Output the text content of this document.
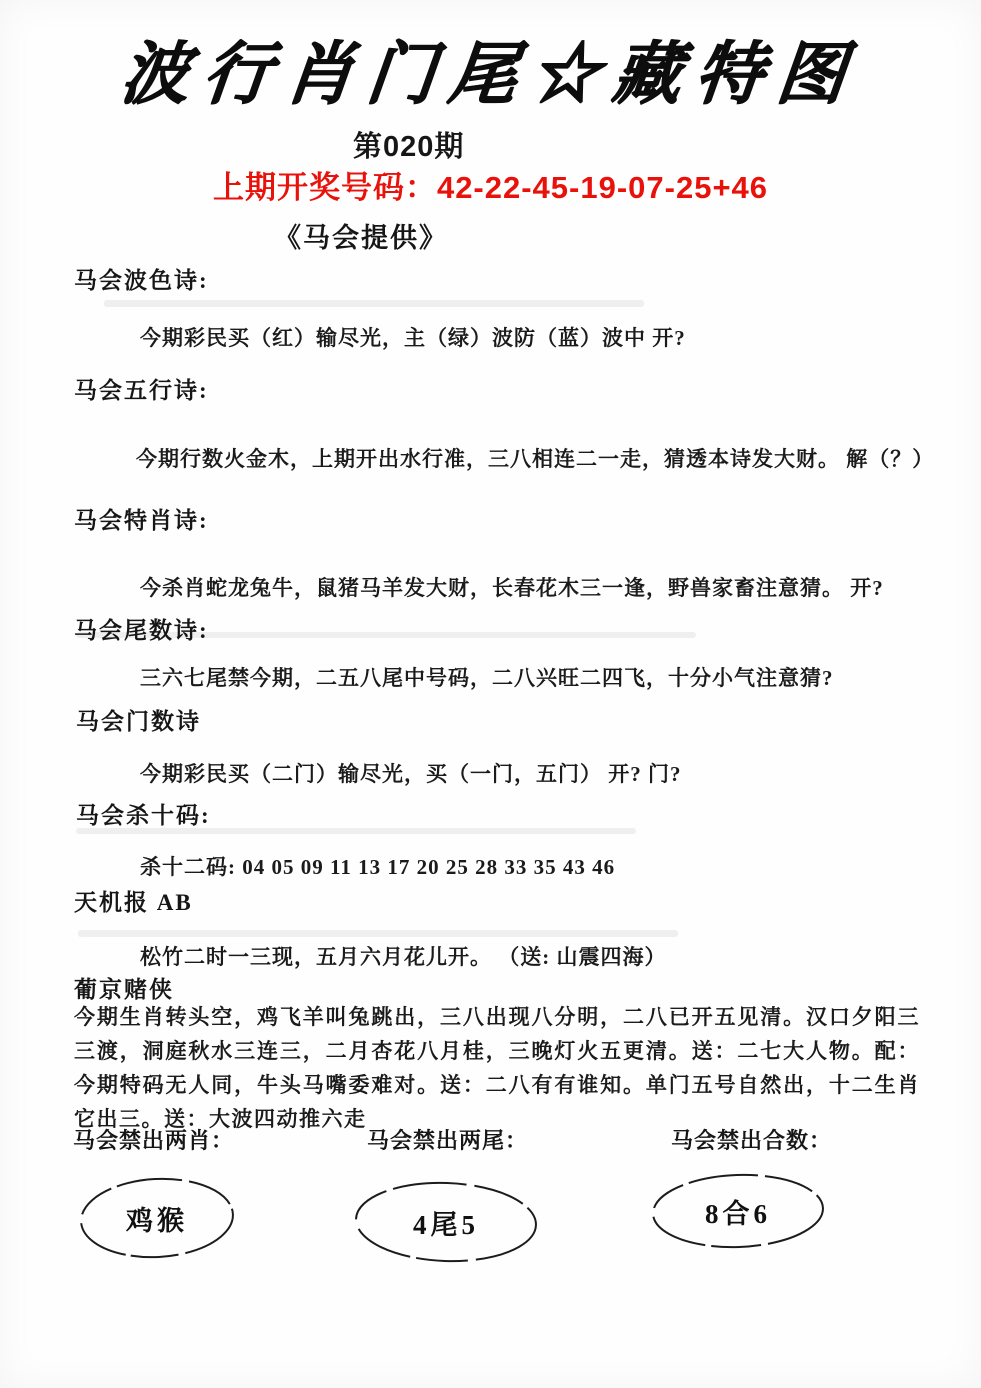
波行肖门尾☆藏特图
第020期
上期开奖号码：42-22-45-19-07-25+46
《马会提供》
马会波色诗:
今期彩民买（红）输尽光，主（绿）波防（蓝）波中 开?
马会五行诗:
今期行数火金木，上期开出水行准，三八相连二一走，猜透本诗发大财。 解（？）
马会特肖诗:
今杀肖蛇龙兔牛，鼠猪马羊发大财，长春花木三一逢，野兽家畜注意猜。 开?
马会尾数诗:
三六七尾禁今期，二五八尾中号码，二八兴旺二四飞，十分小气注意猜?
马会门数诗
今期彩民买（二门）输尽光，买（一门，五门） 开? 门?
马会杀十码:
杀十二码: 04 05 09 11 13 17 20 25 28 33 35 43 46
天机报 AB
松竹二时一三现，五月六月花儿开。 （送: 山震四海）
葡京赌侠
今期生肖转头空，鸡飞羊叫兔跳出，三八出现八分明，二八已开五见清。汉口夕阳三三渡，洞庭秋水三连三，二月杏花八月桂，三晚灯火五更清。送：二七大人物。配：今期特码无人同，牛头马嘴委难对。送：二八有有谁知。单门五号自然出，十二生肖它出三。送：大波四动推六走
马会禁出两肖：	马会禁出两尾：	马会禁出合数：
鸡猴	4尾5	8合6
